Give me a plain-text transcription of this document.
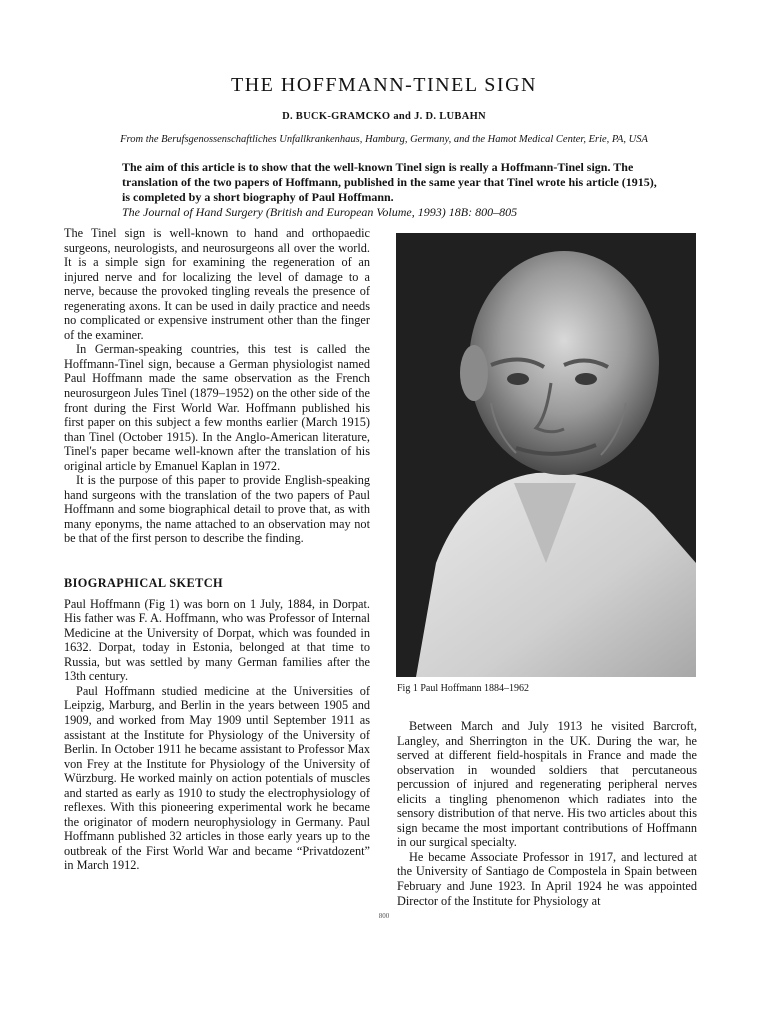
THE HOFFMANN-TINEL SIGN
D. BUCK-GRAMCKO and J. D. LUBAHN
From the Berufsgenossenschaftliches Unfallkrankenhaus, Hamburg, Germany, and the Hamot Medical Center, Erie, PA, USA
The aim of this article is to show that the well-known Tinel sign is really a Hoffmann-Tinel sign. The translation of the two papers of Hoffmann, published in the same year that Tinel wrote his article (1915), is completed by a short biography of Paul Hoffmann.
The Journal of Hand Surgery (British and European Volume, 1993) 18B: 800–805

The Tinel sign is well-known to hand and orthopaedic surgeons, neurologists, and neurosurgeons all over the world. It is a simple sign for examining the regeneration of an injured nerve and for localizing the level of damage to a nerve, because the provoked tingling reveals the presence of regenerating axons. It can be used in daily practice and needs no complicated or expensive instrument other than the finger of the examiner.

In German-speaking countries, this test is called the Hoffmann-Tinel sign, because a German physiologist named Paul Hoffmann made the same observation as the French neurosurgeon Jules Tinel (1879–1952) on the other side of the front during the First World War. Hoffmann published his first paper on this subject a few months earlier (March 1915) than Tinel (October 1915). In the Anglo-American literature, Tinel's paper became well-known after the translation of his original article by Emanuel Kaplan in 1972.

It is the purpose of this paper to provide English-speaking hand surgeons with the translation of the two papers of Paul Hoffmann and some biographical detail to prove that, as with many eponyms, the name attached to an observation may not be that of the first person to describe the finding.

BIOGRAPHICAL SKETCH

Paul Hoffmann (Fig 1) was born on 1 July, 1884, in Dorpat. His father was F. A. Hoffmann, who was Professor of Internal Medicine at the University of Dorpat, which was founded in 1632. Dorpat, today in Estonia, belonged at that time to Russia, but was settled by many German families after the 13th century.

Paul Hoffmann studied medicine at the Universities of Leipzig, Marburg, and Berlin in the years between 1905 and 1909, and worked from May 1909 until September 1911 as assistant at the Institute for Physiology of the University of Berlin. In October 1911 he became assistant to Professor Max von Frey at the Institute for Physiology of the University of Würzburg. He worked mainly on action potentials of muscles and started as early as 1910 to study the electrophysiology of reflexes. With this pioneering experimental work he became the originator of modern neurophysiology in Germany. Paul Hoffmann published 32 articles in those early years up to the outbreak of the First World War and became “Privatdozent” in March 1912.

Fig 1 Paul Hoffmann 1884–1962

Between March and July 1913 he visited Barcroft, Langley, and Sherrington in the UK. During the war, he served at different field-hospitals in France and made the observation in wounded soldiers that percutaneous percussion of injured and regenerating peripheral nerves elicits a tingling phenomenon which radiates into the sensory distribution of that nerve. His two articles about this sign became the most important contributions of Hoffmann in our surgical specialty.

He became Associate Professor in 1917, and lectured at the University of Santiago de Compostela in Spain between February and June 1923. In April 1924 he was appointed Director of the Institute for Physiology at

800
